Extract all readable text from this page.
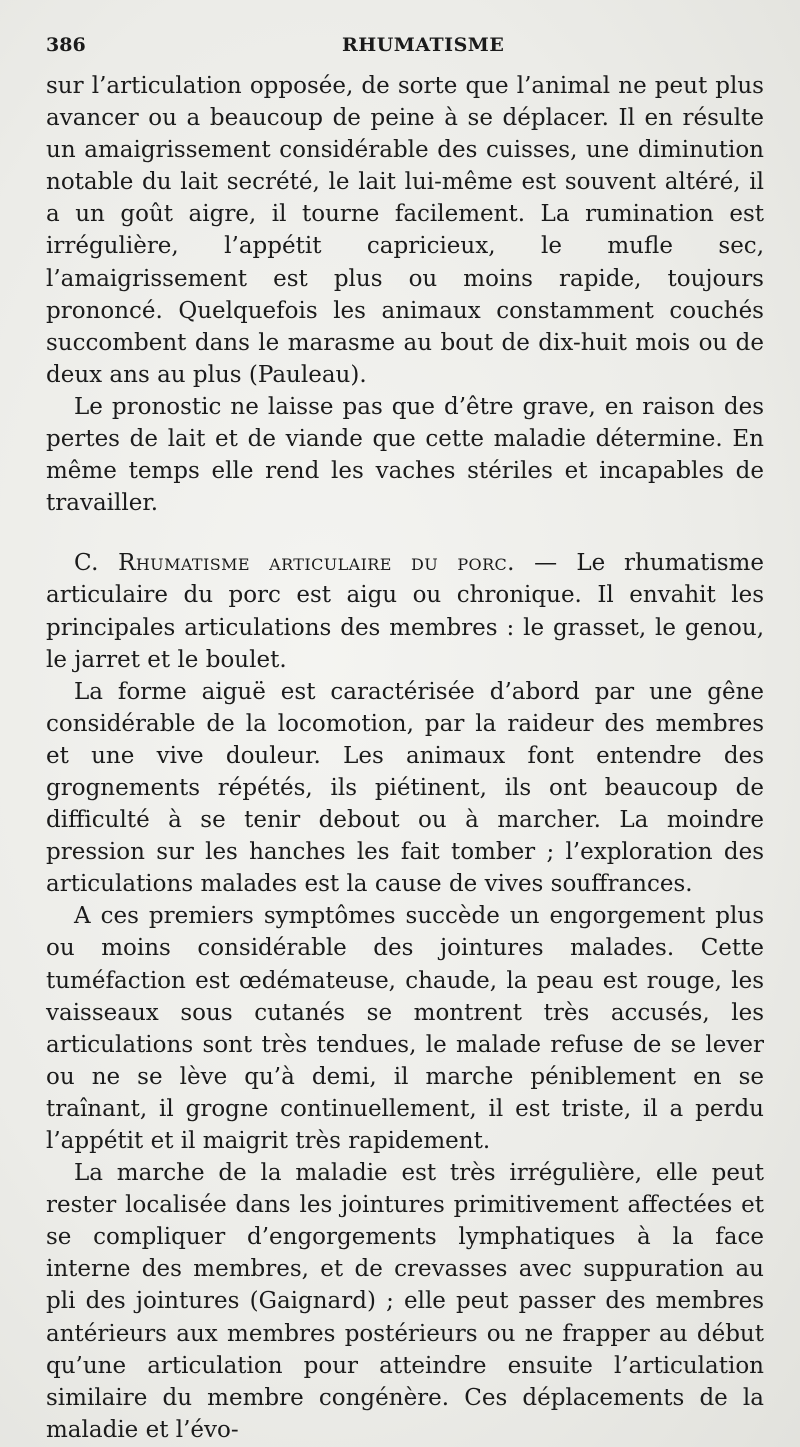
386	RHUMATISME

sur l’articulation opposée, de sorte que l’animal ne peut plus avancer ou a beaucoup de peine à se déplacer. Il en résulte un amaigrissement considérable des cuisses, une diminution notable du lait secrété, le lait lui-même est souvent altéré, il a un goût aigre, il tourne facilement. La rumination est irrégulière, l’appétit capricieux, le mufle sec, l’amaigrissement est plus ou moins rapide, toujours prononcé. Quelquefois les animaux constamment couchés succombent dans le marasme au bout de dix-huit mois ou de deux ans au plus (Pauleau).

Le pronostic ne laisse pas que d’être grave, en raison des pertes de lait et de viande que cette maladie détermine. En même temps elle rend les vaches stériles et incapables de travailler.

C. Rhumatisme articulaire du porc. — Le rhumatisme articulaire du porc est aigu ou chronique. Il envahit les principales articulations des membres : le grasset, le genou, le jarret et le boulet.

La forme aiguë est caractérisée d’abord par une gêne considérable de la locomotion, par la raideur des membres et une vive douleur. Les animaux font entendre des grognements répétés, ils piétinent, ils ont beaucoup de difficulté à se tenir debout ou à marcher. La moindre pression sur les hanches les fait tomber ; l’exploration des articulations malades est la cause de vives souffrances.

A ces premiers symptômes succède un engorgement plus ou moins considérable des jointures malades. Cette tuméfaction est œdémateuse, chaude, la peau est rouge, les vaisseaux sous cutanés se montrent très accusés, les articulations sont très tendues, le malade refuse de se lever ou ne se lève qu’à demi, il marche péniblement en se traînant, il grogne continuellement, il est triste, il a perdu l’appétit et il maigrit très rapidement.

La marche de la maladie est très irrégulière, elle peut rester localisée dans les jointures primitivement affectées et se compliquer d’engorgements lymphatiques à la face interne des membres, et de crevasses avec suppuration au pli des jointures (Gaignard) ; elle peut passer des membres antérieurs aux membres postérieurs ou ne frapper au début qu’une articulation pour atteindre ensuite l’articulation similaire du membre congénère. Ces déplacements de la maladie et l’évo-
